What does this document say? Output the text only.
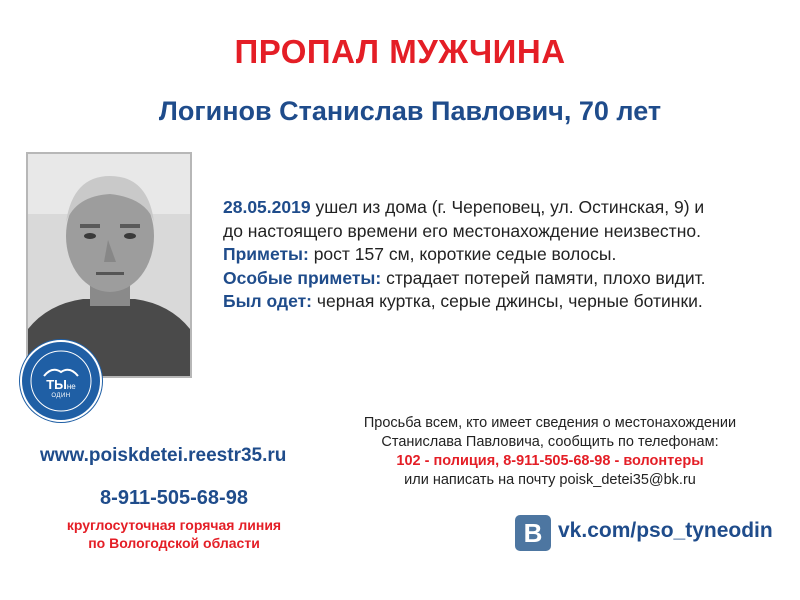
ПРОПАЛ МУЖЧИНА
Логинов Станислав Павлович, 70 лет
ТЫне
ОДИН

28.05.2019 ушел из дома (г. Череповец, ул. Остинская, 9) и

до настоящего времени его местонахождение неизвестно.

Приметы: рост 157 см, короткие седые волосы.

Особые приметы: страдает потерей памяти, плохо видит.

Был одет: черная куртка, серые джинсы, черные ботинки.

Просьба всем, кто имеет сведения о местонахождении
Станислава Павловича, сообщить по телефонам:
102 - полиция, 8-911-505-68-98 - волонтеры
или написать на почту poisk_detei35@bk.ru
www.poiskdetei.reestr35.ru
8-911-505-68-98
круглосуточная горячая линия
по Вологодской области	В vk.com/pso_tyneodin
